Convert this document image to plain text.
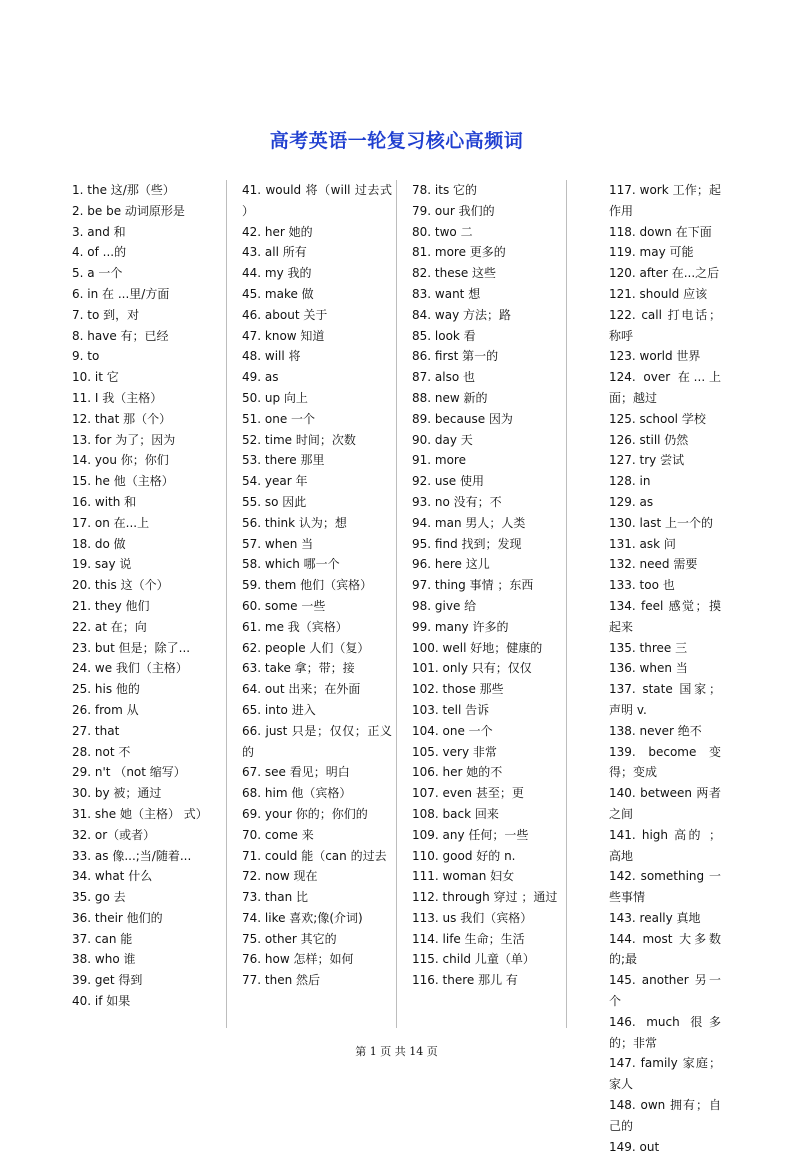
高考英语一轮复习核心高频词
1. the 这/那（些）
2. be be 动词原形是
3. and 和
4. of ...的
5. a 一个
6. in 在 ...里/方面
7. to 到，对
8. have 有；已经
9. to
10. it 它
11. I 我（主格）
12. that 那（个）
13. for 为了；因为
14. you 你；你们
15. he 他（主格）
16. with 和
17. on 在...上
18. do 做
19. say 说
20. this 这（个）
21. they 他们
22. at 在；向
23. but 但是；除了...
24. we 我们（主格）
25. his 他的
26. from 从
27. that
28. not 不
29. n't （not 缩写）
30. by 被；通过
31. she 她（主格） 式）
32. or（或者）
33. as 像...;当/随着...
34. what 什么
35. go 去
36. their 他们的
37. can 能
38. who 谁
39. get 得到
40. if 如果
41. would 将（will 过去式 ）
42. her 她的
43. all 所有
44. my 我的
45. make 做
46. about 关于
47. know 知道
48. will 将
49. as
50. up 向上
51. one 一个
52. time 时间；次数
53. there 那里
54. year 年
55. so 因此
56. think 认为；想
57. when 当
58. which 哪一个
59. them 他们（宾格）
60. some 一些
61. me 我（宾格）
62. people 人们（复）
63. take 拿；带；接
64. out 出来；在外面
65. into 进入
66. just 只是；仅仅；正义的
67. see 看见；明白
68. him 他（宾格）
69. your 你的；你们的
70. come 来
71. could 能（can 的过去
72. now 现在
73. than 比
74. like 喜欢;像(介词)
75. other 其它的
76. how 怎样；如何
77. then 然后
78. its 它的
79. our 我们的
80. two 二
81. more 更多的
82. these 这些
83. want 想
84. way 方法；路
85. look 看
86. first 第一的
87. also 也
88. new 新的
89. because 因为
90. day 天
91. more
92. use 使用
93. no 没有；不
94. man 男人；人类
95. find 找到；发现
96. here 这儿
97. thing 事情 ；东西
98. give 给
99. many 许多的
100. well 好地；健康的
101. only 只有；仅仅
102. those 那些
103. tell 告诉
104. one 一个
105. very 非常
106. her 她的不
107. even 甚至；更
108. back 回来
109. any 任何；一些
110. good 好的 n.
111. woman 妇女
112. through 穿过 ；通过
113. us 我们（宾格）
114. life 生命；生活
115. child 儿童（单）
116. there 那儿 有
117. work 工作；起作用
118. down 在下面
119. may 可能
120. after 在...之后
121. should 应该
122. call 打电话；称呼
123. world 世界
124. over 在...上面；越过
125. school 学校
126. still 仍然
127. try 尝试
128. in
129. as
130. last 上一个的
131. ask 问
132. need 需要
133. too 也
134. feel 感觉；摸起来
135. three 三
136. when 当
137. state 国家；声明 v.
138. never 绝不
139. become 变得；变成
140. between 两者 之间
141. high 高的 ；高地
142. something 一些事情
143. really 真地
144. most 大多数的;最
145. another 另一个
146. much 很多的；非常
147. family 家庭；家人
148. own 拥有；自己的
149. out
第 1 页 共 14 页
